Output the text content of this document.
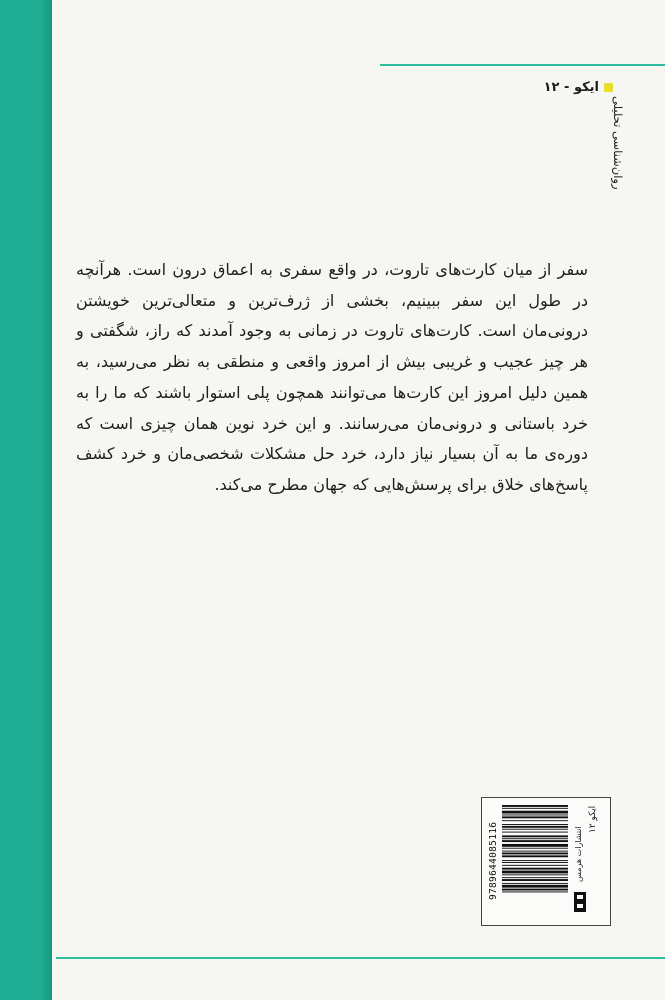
ایکو - ۱۲
روان‌شناسی تحلیلی
سفر از میان کارت‌های تاروت، در واقع سفری به اعماق درون است. هرآنچه در طول این سفر ببینیم، بخشی از ژرف‌ترین و متعالی‌ترین خویشتن درونی‌مان است. کارت‌های تاروت در زمانی به وجود آمدند که راز، شگفتی و هر چیز عجیب و غریبی بیش از امروز واقعی و منطقی به نظر می‌رسید، به همین دلیل امروز این کارت‌ها می‌توانند همچون پلی استوار باشند که ما را به خرد باستانی و درونی‌مان می‌رسانند. و این خرد نوین همان چیزی است که دوره‌ی ما به آن بسیار نیاز دارد، خرد حل مشکلات شخصی‌مان و خرد کشف پاسخ‌های خلاق برای پرسش‌هایی که جهان مطرح می‌کند.
9789644085116	انتشارات هرمس ایکو ۱۲
